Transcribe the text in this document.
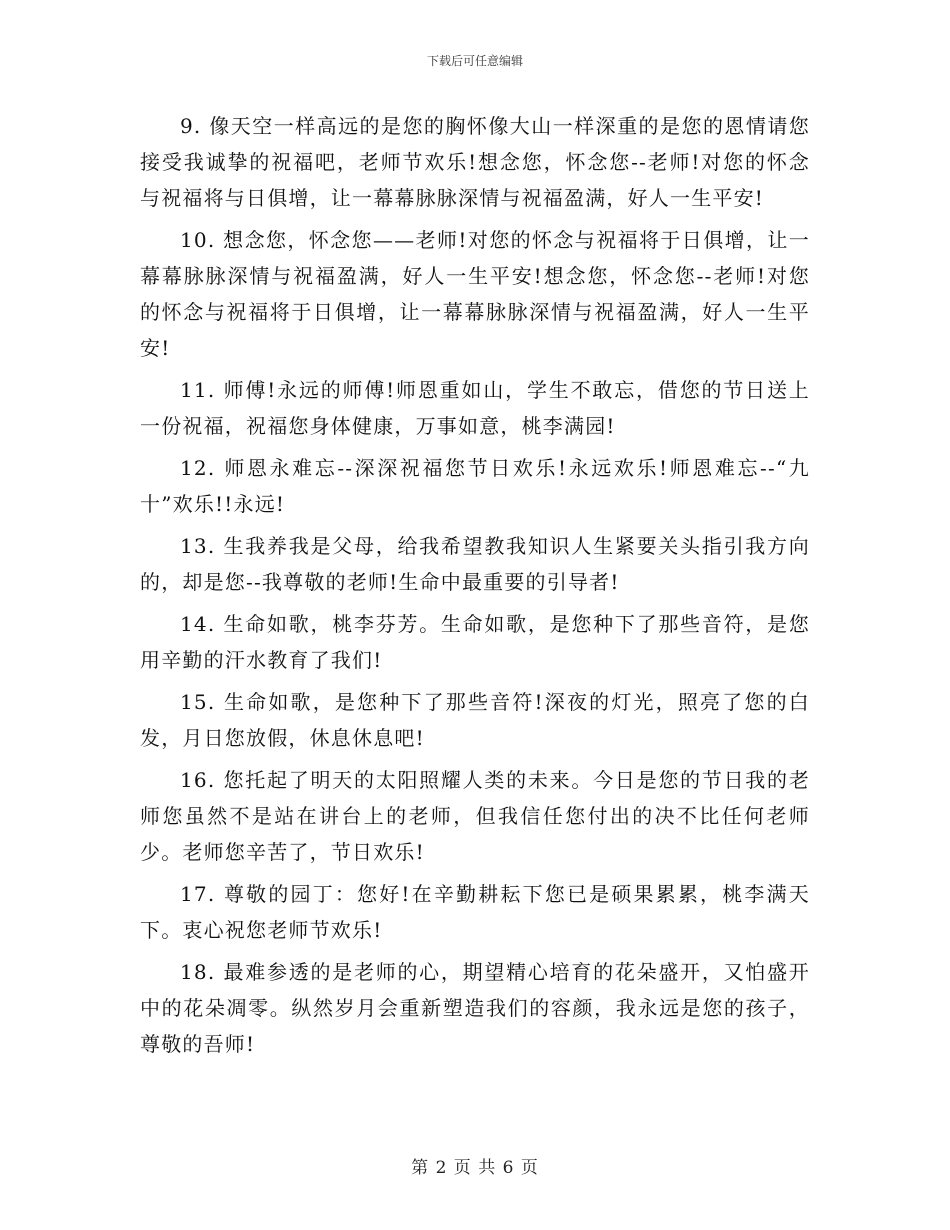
下载后可任意编辑

9. 像天空一样高远的是您的胸怀像大山一样深重的是您的恩情请您接受我诚挚的祝福吧，老师节欢乐!想念您，怀念您--老师!对您的怀念与祝福将与日俱增，让一幕幕脉脉深情与祝福盈满，好人一生平安!

10. 想念您，怀念您——老师!对您的怀念与祝福将于日俱增，让一幕幕脉脉深情与祝福盈满，好人一生平安!想念您，怀念您--老师!对您的怀念与祝福将于日俱增，让一幕幕脉脉深情与祝福盈满，好人一生平安!

11. 师傅!永远的师傅!师恩重如山，学生不敢忘，借您的节日送上一份祝福，祝福您身体健康，万事如意，桃李满园!

12. 师恩永难忘--深深祝福您节日欢乐!永远欢乐!师恩难忘--“九十”欢乐!!永远!

13. 生我养我是父母，给我希望教我知识人生紧要关头指引我方向的，却是您--我尊敬的老师!生命中最重要的引导者!

14. 生命如歌，桃李芬芳。生命如歌，是您种下了那些音符，是您用辛勤的汗水教育了我们!

15. 生命如歌，是您种下了那些音符!深夜的灯光，照亮了您的白发，月日您放假，休息休息吧!

16. 您托起了明天的太阳照耀人类的未来。今日是您的节日我的老师您虽然不是站在讲台上的老师，但我信任您付出的决不比任何老师少。老师您辛苦了，节日欢乐!

17. 尊敬的园丁：您好!在辛勤耕耘下您已是硕果累累，桃李满天下。衷心祝您老师节欢乐!

18. 最难参透的是老师的心，期望精心培育的花朵盛开，又怕盛开中的花朵凋零。纵然岁月会重新塑造我们的容颜，我永远是您的孩子，尊敬的吾师!

第 2 页 共 6 页
